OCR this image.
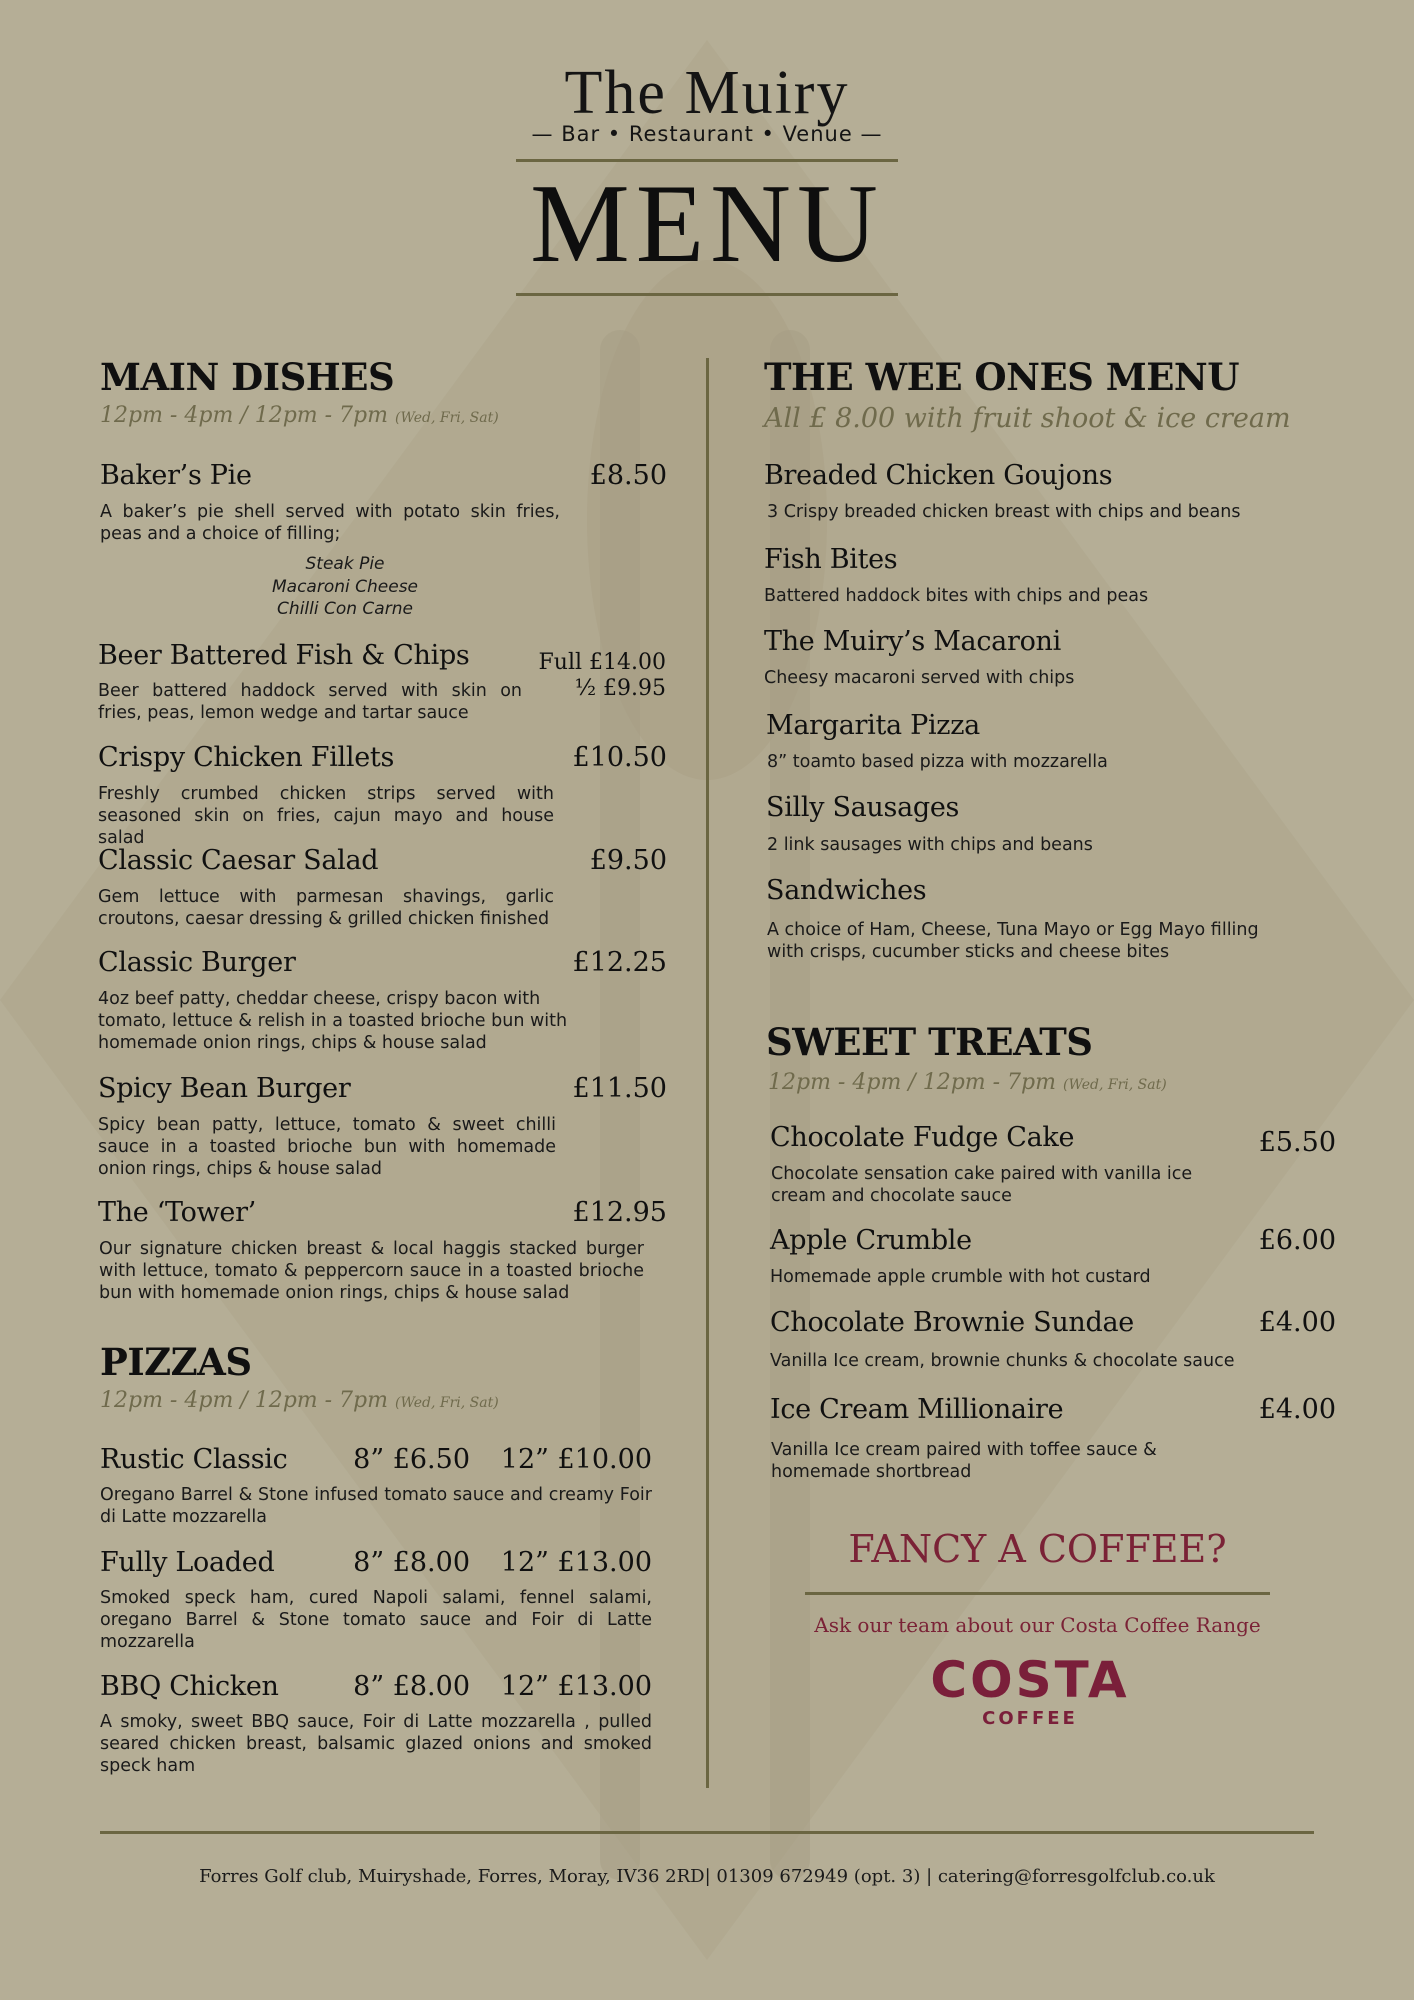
The Muiry
— Bar • Restaurant • Venue —
MENU
MAIN DISHES
12pm - 4pm / 12pm - 7pm (Wed, Fri, Sat)
Baker’s Pie	£8.50
A baker’s pie shell served with potato skin fries, peas and a choice of filling;
Steak Pie
Macaroni Cheese
Chilli Con Carne
Beer Battered Fish & Chips	Full £14.00
½ £9.95
Beer battered haddock served with skin on fries, peas, lemon wedge and tartar sauce
Crispy Chicken Fillets	£10.50
Freshly crumbed chicken strips served with seasoned skin on fries, cajun mayo and house salad
Classic Caesar Salad	£9.50
Gem lettuce with parmesan shavings, garlic croutons, caesar dressing & grilled chicken finished
Classic Burger	£12.25
4oz beef patty, cheddar cheese, crispy bacon with tomato, lettuce & relish in a toasted brioche bun with homemade onion rings, chips & house salad
Spicy Bean Burger	£11.50
Spicy bean patty, lettuce, tomato & sweet chilli sauce in a toasted brioche bun with homemade onion rings, chips & house salad
The ‘Tower’	£12.95
Our signature chicken breast & local haggis stacked burger with lettuce, tomato & peppercorn sauce in a toasted brioche bun with homemade onion rings, chips & house salad
PIZZAS
12pm - 4pm / 12pm - 7pm (Wed, Fri, Sat)
Rustic Classic	8” £6.50	12” £10.00
Oregano Barrel & Stone infused tomato sauce and creamy Foir di Latte mozzarella
Fully Loaded	8” £8.00	12” £13.00
Smoked speck ham, cured Napoli salami, fennel salami, oregano Barrel & Stone tomato sauce and Foir di Latte mozzarella
BBQ Chicken	8” £8.00	12” £13.00
A smoky, sweet BBQ sauce, Foir di Latte mozzarella , pulled seared chicken breast, balsamic glazed onions and smoked speck ham
THE WEE ONES MENU
All £ 8.00 with fruit shoot & ice cream
Breaded Chicken Goujons
3 Crispy breaded chicken breast with chips and beans
Fish Bites
Battered haddock bites with chips and peas
The Muiry’s Macaroni
Cheesy macaroni served with chips
Margarita Pizza
8” toamto based pizza with mozzarella
Silly Sausages
2 link sausages with chips and beans
Sandwiches
A choice of Ham, Cheese, Tuna Mayo or Egg Mayo filling with crisps, cucumber sticks and cheese bites
SWEET TREATS
12pm - 4pm / 12pm - 7pm (Wed, Fri, Sat)
Chocolate Fudge Cake	£5.50
Chocolate sensation cake paired with vanilla ice cream and chocolate sauce
Apple Crumble	£6.00
Homemade apple crumble with hot custard
Chocolate Brownie Sundae	£4.00
Vanilla Ice cream, brownie chunks & chocolate sauce
Ice Cream Millionaire	£4.00
Vanilla Ice cream paired with toffee sauce & homemade shortbread
FANCY A COFFEE?
Ask our team about our Costa Coffee Range
COSTA
COFFEE
Forres Golf club, Muiryshade, Forres, Moray, IV36 2RD| 01309 672949 (opt. 3) | catering@forresgolfclub.co.uk
